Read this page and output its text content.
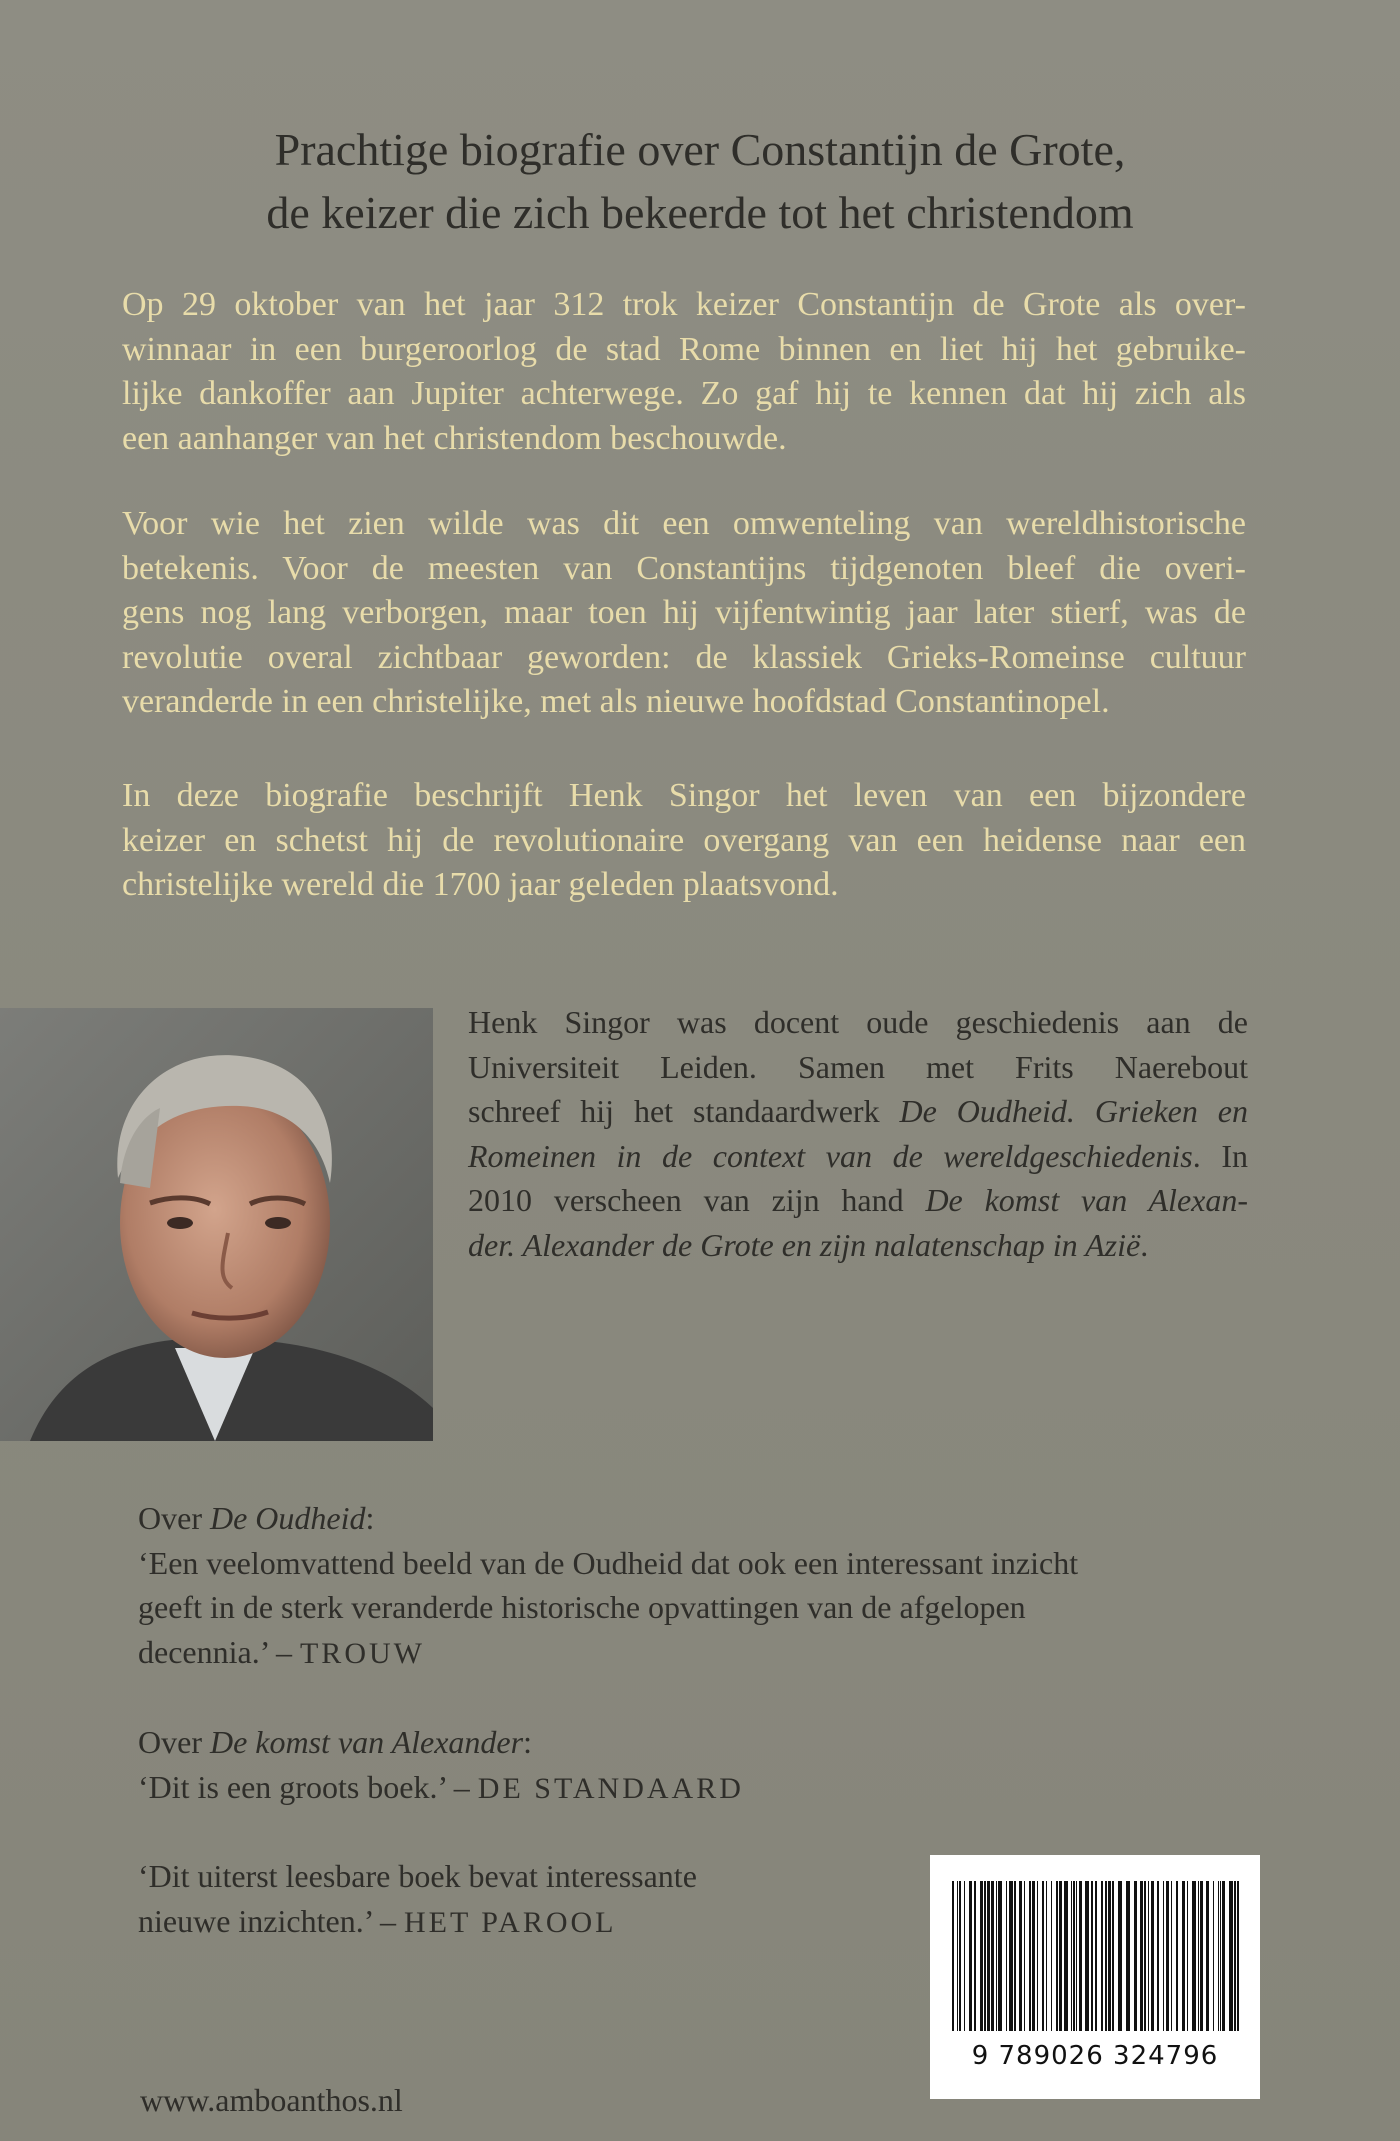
Prachtige biografie over Constantijn de Grote,
de keizer die zich bekeerde tot het christendom
Op 29 oktober van het jaar 312 trok keizer Constantijn de Grote als over-
winnaar in een burgeroorlog de stad Rome binnen en liet hij het gebruike-
lijke dankoffer aan Jupiter achterwege. Zo gaf hij te kennen dat hij zich als
een aanhanger van het christendom beschouwde.
Voor wie het zien wilde was dit een omwenteling van wereldhistorische
betekenis. Voor de meesten van Constantijns tijdgenoten bleef die overi-
gens nog lang verborgen, maar toen hij vijfentwintig jaar later stierf, was de
revolutie overal zichtbaar geworden: de klassiek Grieks-Romeinse cultuur
veranderde in een christelijke, met als nieuwe hoofdstad Constantinopel.
In deze biografie beschrijft Henk Singor het leven van een bijzondere
keizer en schetst hij de revolutionaire overgang van een heidense naar een
christelijke wereld die 1700 jaar geleden plaatsvond.
Henk Singor was docent oude geschiedenis aan de
Universiteit Leiden. Samen met Frits Naerebout
schreef hij het standaardwerk De Oudheid. Grieken en
Romeinen in de context van de wereldgeschiedenis. In
2010 verscheen van zijn hand De komst van Alexan-
der. Alexander de Grote en zijn nalatenschap in Azië.
Over De Oudheid:
‘Een veelomvattend beeld van de Oudheid dat ook een interessant inzicht
geeft in de sterk veranderde historische opvattingen van de afgelopen
decennia.’ – TROUW
Over De komst van Alexander:
‘Dit is een groots boek.’ – DE STANDAARD
‘Dit uiterst leesbare boek bevat interessante
nieuwe inzichten.’ – HET PAROOL
9 789026 324796
www.amboanthos.nl
